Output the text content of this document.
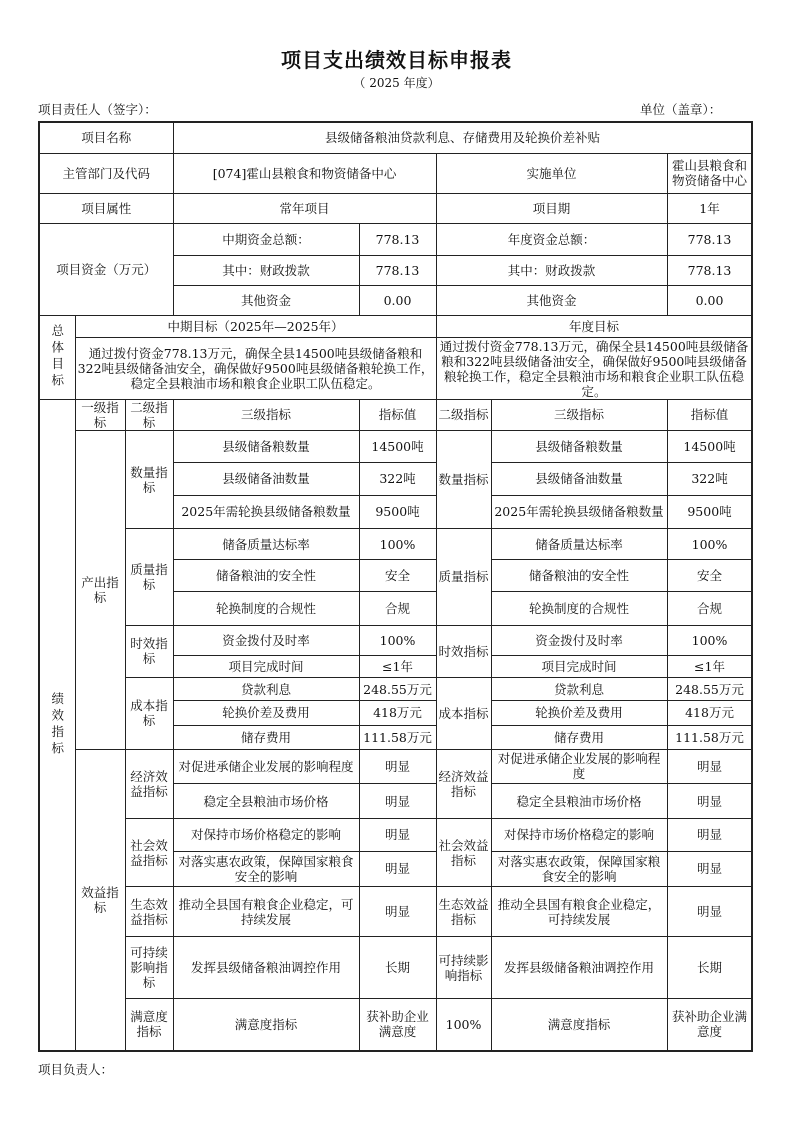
项目支出绩效目标申报表
（ 2025 年度）
项目责任人（签字）：	单位（盖章）：
项目名称			县级储备粮油贷款利息、存储费用及轮换价差补贴					
主管部门及代码			[074]霍山县粮食和物资储备中心		实施单位		霍山县粮食和物资储备中心	
项目属性			常年项目		项目期		1年	
项目资金（万元）			中期资金总额：	778.13	年度资金总额：		778.13	
			其中：财政拨款	778.13	其中：财政拨款		778.13	
			其他资金	0.00	其他资金		0.00	
总体目标	中期目标（2025年—2025年）				年度目标			
	通过拨付资金778.13万元，确保全县14500吨县级储备粮和322吨县级储备油安全，确保做好9500吨县级储备粮轮换工作，稳定全县粮油市场和粮食企业职工队伍稳定。				通过拨付资金778.13万元，确保全县14500吨县级储备粮和322吨县级储备油安全，确保做好9500吨县级储备粮轮换工作，稳定全县粮油市场和粮食企业职工队伍稳定。			
绩效指标	一级指标	二级指标	三级指标	指标值	二级指标	三级指标	指标值	
	产出指标	数量指标	县级储备粮数量	14500吨	数量指标	县级储备粮数量	14500吨	
			县级储备油数量	322吨		县级储备油数量	322吨	
			2025年需轮换县级储备粮数量	9500吨		2025年需轮换县级储备粮数量	9500吨	
		质量指标	储备质量达标率	100%	质量指标	储备质量达标率	100%	
			储备粮油的安全性	安全		储备粮油的安全性	安全	
			轮换制度的合规性	合规		轮换制度的合规性	合规	
		时效指标	资金拨付及时率	100%	时效指标	资金拨付及时率	100%	
			项目完成时间	≤1年		项目完成时间	≤1年	
		成本指标	贷款利息	248.55万元	成本指标	贷款利息	248.55万元	
			轮换价差及费用	418万元		轮换价差及费用	418万元	
			储存费用	111.58万元		储存费用	111.58万元	
	效益指标	经济效益指标	对促进承储企业发展的影响程度	明显	经济效益指标	对促进承储企业发展的影响程度	明显	
			稳定全县粮油市场价格	明显		稳定全县粮油市场价格	明显	
		社会效益指标	对保持市场价格稳定的影响	明显	社会效益指标	对保持市场价格稳定的影响	明显	
			对落实惠农政策，保障国家粮食安全的影响	明显		对落实惠农政策，保障国家粮食安全的影响	明显	
		生态效益指标	推动全县国有粮食企业稳定，可持续发展	明显	生态效益指标	推动全县国有粮食企业稳定，可持续发展	明显	
		可持续影响指标	发挥县级储备粮油调控作用	长期	可持续影响指标	发挥县级储备粮油调控作用	长期	
		满意度指标	满意度指标	获补助企业满意度	100%	满意度指标	获补助企业满意度	
项目负责人：
